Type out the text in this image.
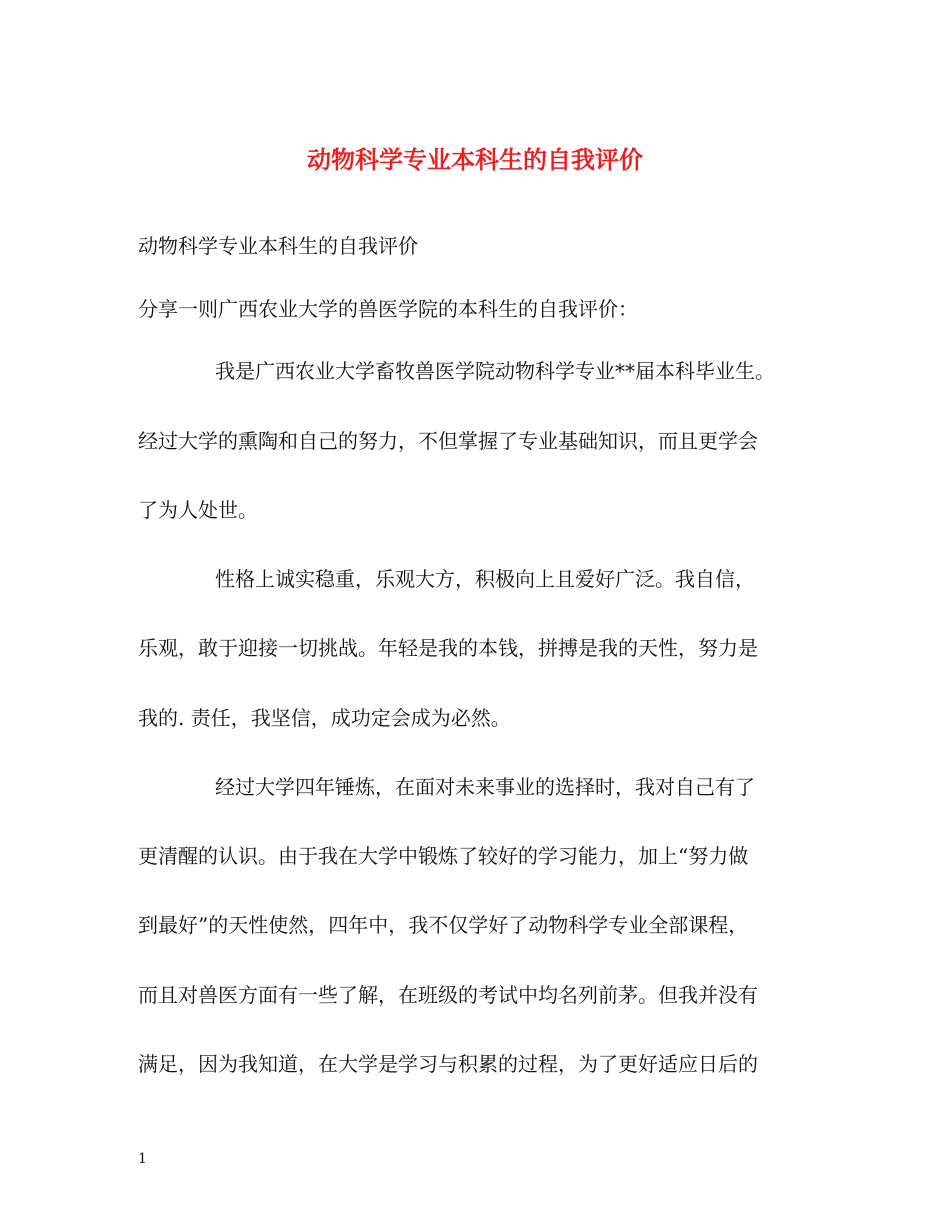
动物科学专业本科生的自我评价
动物科学专业本科生的自我评价
分享一则广西农业大学的兽医学院的本科生的自我评价：
我是广西农业大学畜牧兽医学院动物科学专业**届本科毕业生。
经过大学的熏陶和自己的努力，不但掌握了专业基础知识，而且更学会
了为人处世。
性格上诚实稳重，乐观大方，积极向上且爱好广泛。我自信，
乐观，敢于迎接一切挑战。年轻是我的本钱，拼搏是我的天性，努力是
我的. 责任，我坚信，成功定会成为必然。
经过大学四年锤炼，在面对未来事业的选择时，我对自己有了
更清醒的认识。由于我在大学中锻炼了较好的学习能力，加上“努力做
到最好”的天性使然，四年中，我不仅学好了动物科学专业全部课程，
而且对兽医方面有一些了解，在班级的考试中均名列前茅。但我并没有
满足，因为我知道，在大学是学习与积累的过程，为了更好适应日后的
1
